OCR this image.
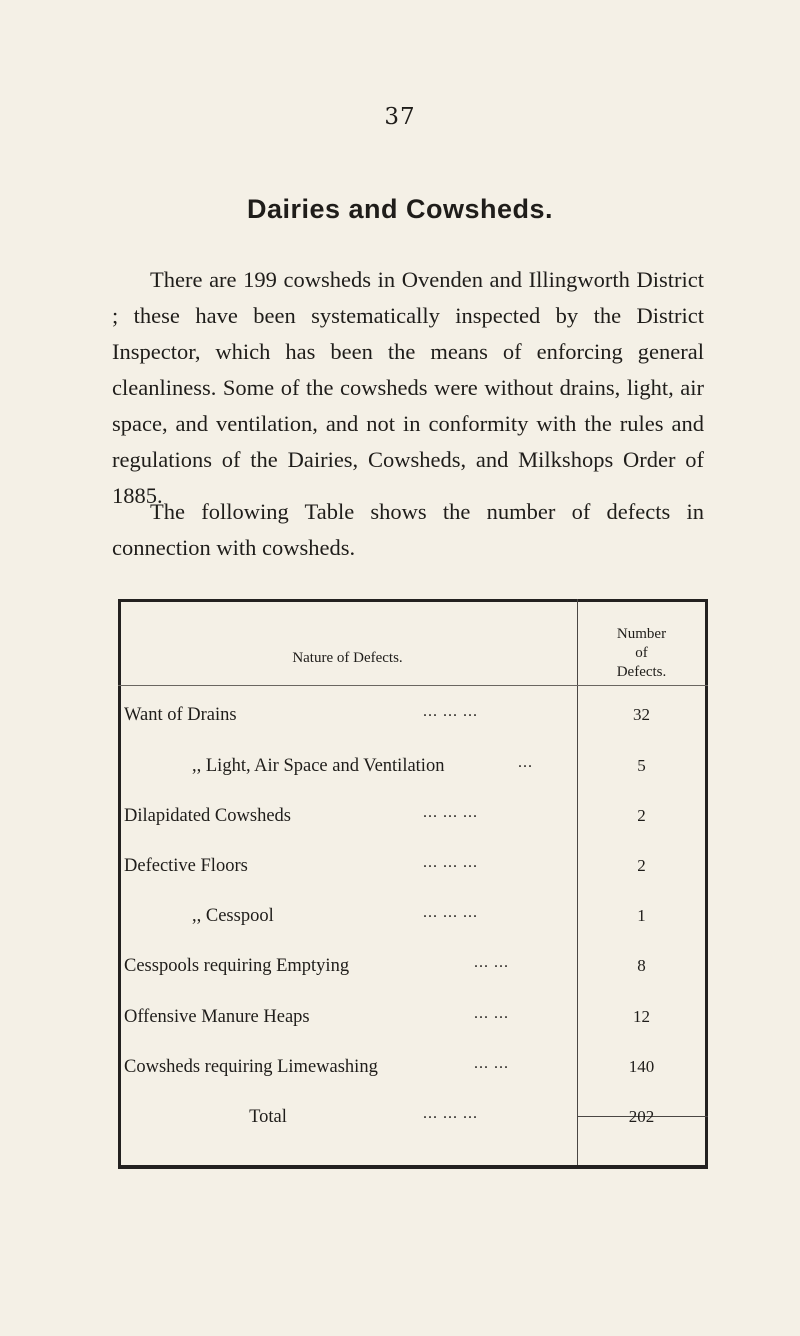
37
Dairies and Cowsheds.

There are 199 cowsheds in Ovenden and Illingworth District ; these have been systematically inspected by the District Inspector, which has been the means of enforcing general cleanliness. Some of the cowsheds were without drains, light, air space, and ventilation, and not in conformity with the rules and regulations of the Dairies, Cowsheds, and Milkshops Order of 1885.

The following Table shows the number of defects in connection with cowsheds.

Nature of Defects.
Number
of
Defects.
Want of Drains	... ... ...	32
,, Light, Air Space and Ventilation	...	5
Dilapidated Cowsheds	... ... ...	2
Defective Floors	... ... ...	2
,, Cesspool	... ... ...	1
Cesspools requiring Emptying	... ...	8
Offensive Manure Heaps	... ...	12
Cowsheds requiring Limewashing	... ...	140
Total	... ... ...	202
